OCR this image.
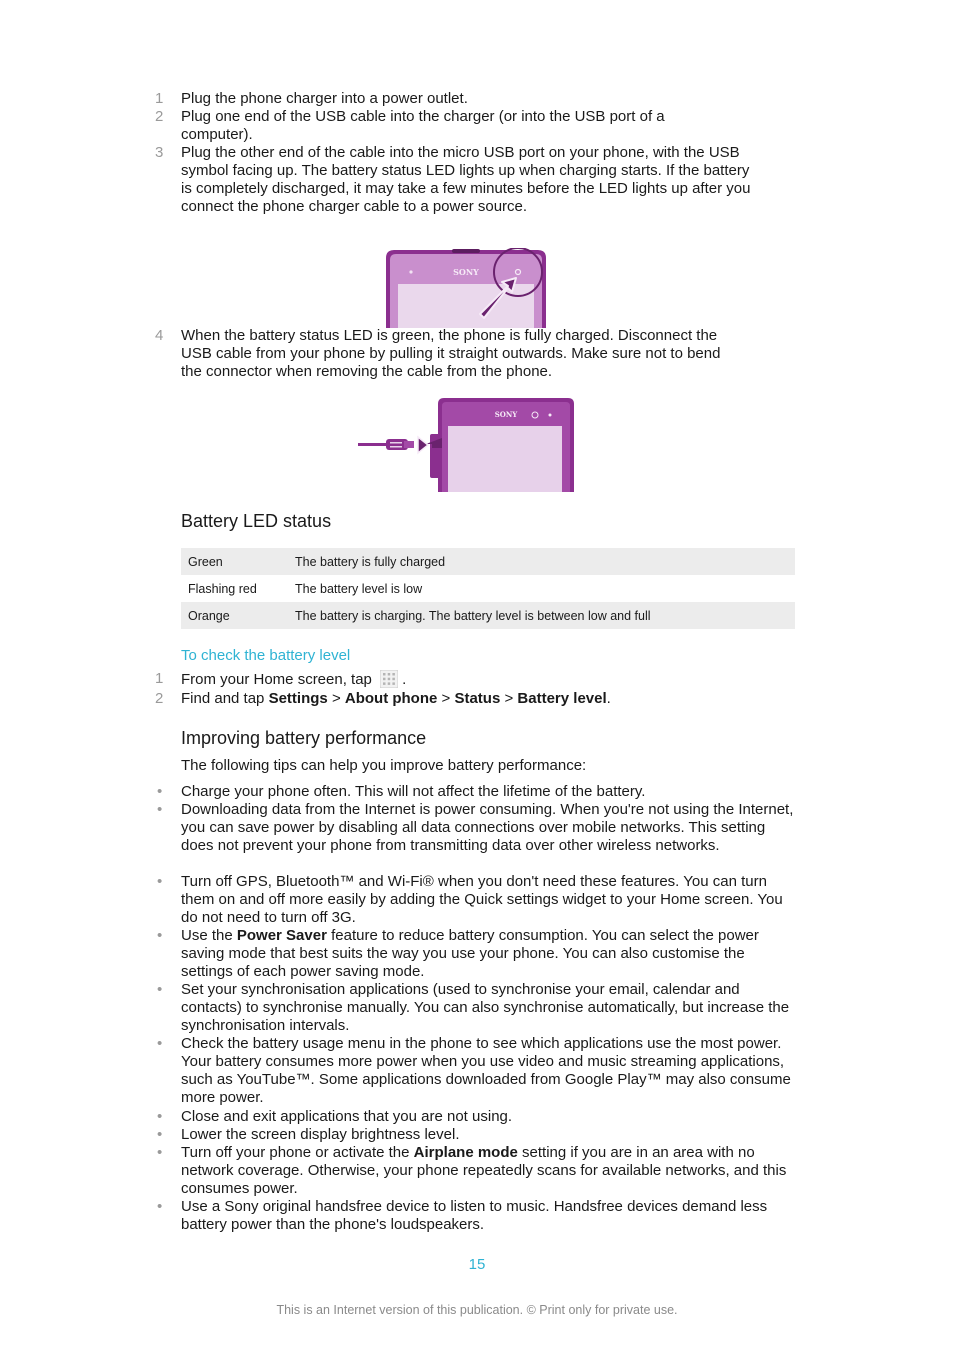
1	Plug the phone charger into a power outlet.
2	Plug one end of the USB cable into the charger (or into the USB port of a computer).
3	Plug the other end of the cable into the micro USB port on your phone, with the USB symbol facing up. The battery status LED lights up when charging starts. If the battery is completely discharged, it may take a few minutes before the LED lights up after you connect the phone charger cable to a power source.
SONY
4	When the battery status LED is green, the phone is fully charged. Disconnect the USB cable from your phone by pulling it straight outwards. Make sure not to bend the connector when removing the cable from the phone.
SONY
Battery LED status
Green	The battery is fully charged
Flashing red	The battery level is low
Orange	The battery is charging. The battery level is between low and full
To check the battery level
1	From your Home screen, tap .
2	Find and tap Settings > About phone > Status > Battery level.
Improving battery performance
The following tips can help you improve battery performance:
• Charge your phone often. This will not affect the lifetime of the battery.
• Downloading data from the Internet is power consuming. When you're not using the Internet, you can save power by disabling all data connections over mobile networks. This setting does not prevent your phone from transmitting data over other wireless networks.
• Turn off GPS, Bluetooth™ and Wi-Fi® when you don't need these features. You can turn them on and off more easily by adding the Quick settings widget to your Home screen. You do not need to turn off 3G.
• Use the Power Saver feature to reduce battery consumption. You can select the power saving mode that best suits the way you use your phone. You can also customise the settings of each power saving mode.
• Set your synchronisation applications (used to synchronise your email, calendar and contacts) to synchronise manually. You can also synchronise automatically, but increase the synchronisation intervals.
• Check the battery usage menu in the phone to see which applications use the most power. Your battery consumes more power when you use video and music streaming applications, such as YouTube™. Some applications downloaded from Google Play™ may also consume more power.
• Close and exit applications that you are not using.
• Lower the screen display brightness level.
• Turn off your phone or activate the Airplane mode setting if you are in an area with no network coverage. Otherwise, your phone repeatedly scans for available networks, and this consumes power.
• Use a Sony original handsfree device to listen to music. Handsfree devices demand less battery power than the phone's loudspeakers.
15
This is an Internet version of this publication. © Print only for private use.
